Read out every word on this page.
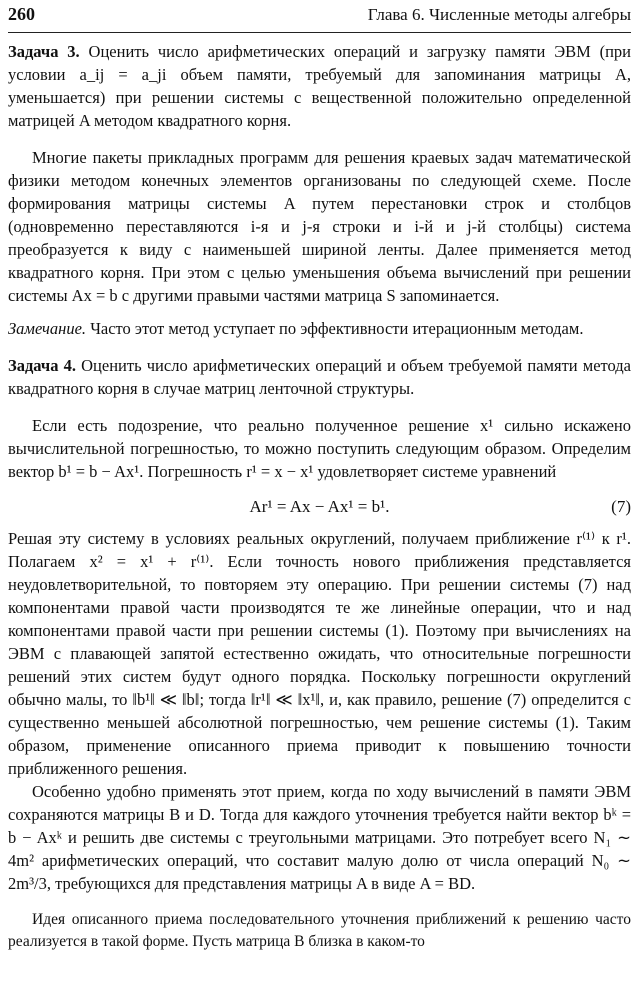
260	Глава 6. Численные методы алгебры

Задача 3. Оценить число арифметических операций и загрузку памяти ЭВМ (при условии a_ij = a_ji объем памяти, требуемый для запоминания матрицы A, уменьшается) при решении системы с вещественной положительно определенной матрицей A методом квадратного корня.

Многие пакеты прикладных программ для решения краевых задач математической физики методом конечных элементов организованы по следующей схеме. После формирования матрицы системы A путем перестановки строк и столбцов (одновременно переставляются i-я и j-я строки и i-й и j-й столбцы) система преобразуется к виду с наименьшей шириной ленты. Далее применяется метод квадратного корня. При этом с целью уменьшения объема вычислений при решении системы Ax = b с другими правыми частями матрица S запоминается.

Замечание. Часто этот метод уступает по эффективности итерационным методам.

Задача 4. Оценить число арифметических операций и объем требуемой памяти метода квадратного корня в случае матриц ленточной структуры.

Если есть подозрение, что реально полученное решение x¹ сильно искажено вычислительной погрешностью, то можно поступить следующим образом. Определим вектор b¹ = b − Ax¹. Погрешность r¹ = x − x¹ удовлетворяет системе уравнений

Ar¹ = Ax − Ax¹ = b¹.	(7)

Решая эту систему в условиях реальных округлений, получаем приближение r⁽¹⁾ к r¹. Полагаем x² = x¹ + r⁽¹⁾. Если точность нового приближения представляется неудовлетворительной, то повторяем эту операцию. При решении системы (7) над компонентами правой части производятся те же линейные операции, что и над компонентами правой части при решении системы (1). Поэтому при вычислениях на ЭВМ с плавающей запятой естественно ожидать, что относительные погрешности решений этих систем будут одного порядка. Поскольку погрешности округлений обычно малы, то ‖b¹‖ ≪ ‖b‖; тогда ‖r¹‖ ≪ ‖x¹‖, и, как правило, решение (7) определится с существенно меньшей абсолютной погрешностью, чем решение системы (1). Таким образом, применение описанного приема приводит к повышению точности приближенного решения.

Особенно удобно применять этот прием, когда по ходу вычислений в памяти ЭВМ сохраняются матрицы B и D. Тогда для каждого уточнения требуется найти вектор bᵏ = b − Axᵏ и решить две системы с треугольными матрицами. Это потребует всего N₁ ∼ 4m² арифметических операций, что составит малую долю от числа операций N₀ ∼ 2m³/3, требующихся для представления матрицы A в виде A = BD.

Идея описанного приема последовательного уточнения приближений к решению часто реализуется в такой форме. Пусть матрица B близка в каком-то
